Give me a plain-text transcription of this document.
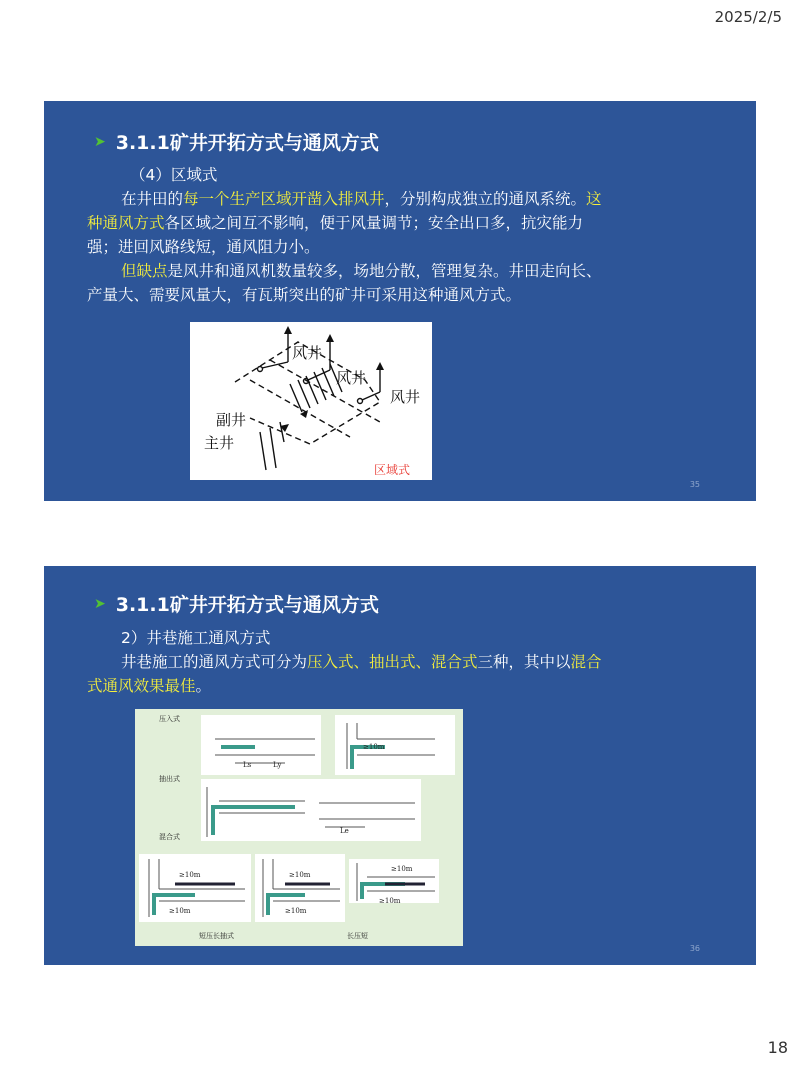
2025/2/5
➤ 3.1.1矿井开拓方式与通风方式

（4）区域式

在井田的每一个生产区域开凿入排风井，分别构成独立的通风系统。这种通风方式各区域之间互不影响，便于风量调节；安全出口多，抗灾能力强；进回风路线短，通风阻力小。

但缺点是风井和通风机数量较多，场地分散，管理复杂。井田走向长、产量大、需要风量大，有瓦斯突出的矿井可采用这种通风方式。

风井
风井
风井
副井
主井
区域式
35
➤ 3.1.1矿井开拓方式与通风方式

2）井巷施工通风方式

井巷施工的通风方式可分为压入式、抽出式、混合式三种，其中以混合式通风效果最佳。

压入式
抽出式
混合式
Ls	Ly
≥10m
Le
≥10m
≥10m
≥10m
≥10m
≥10m
≥10m
短压长抽式	长压短
36
18
